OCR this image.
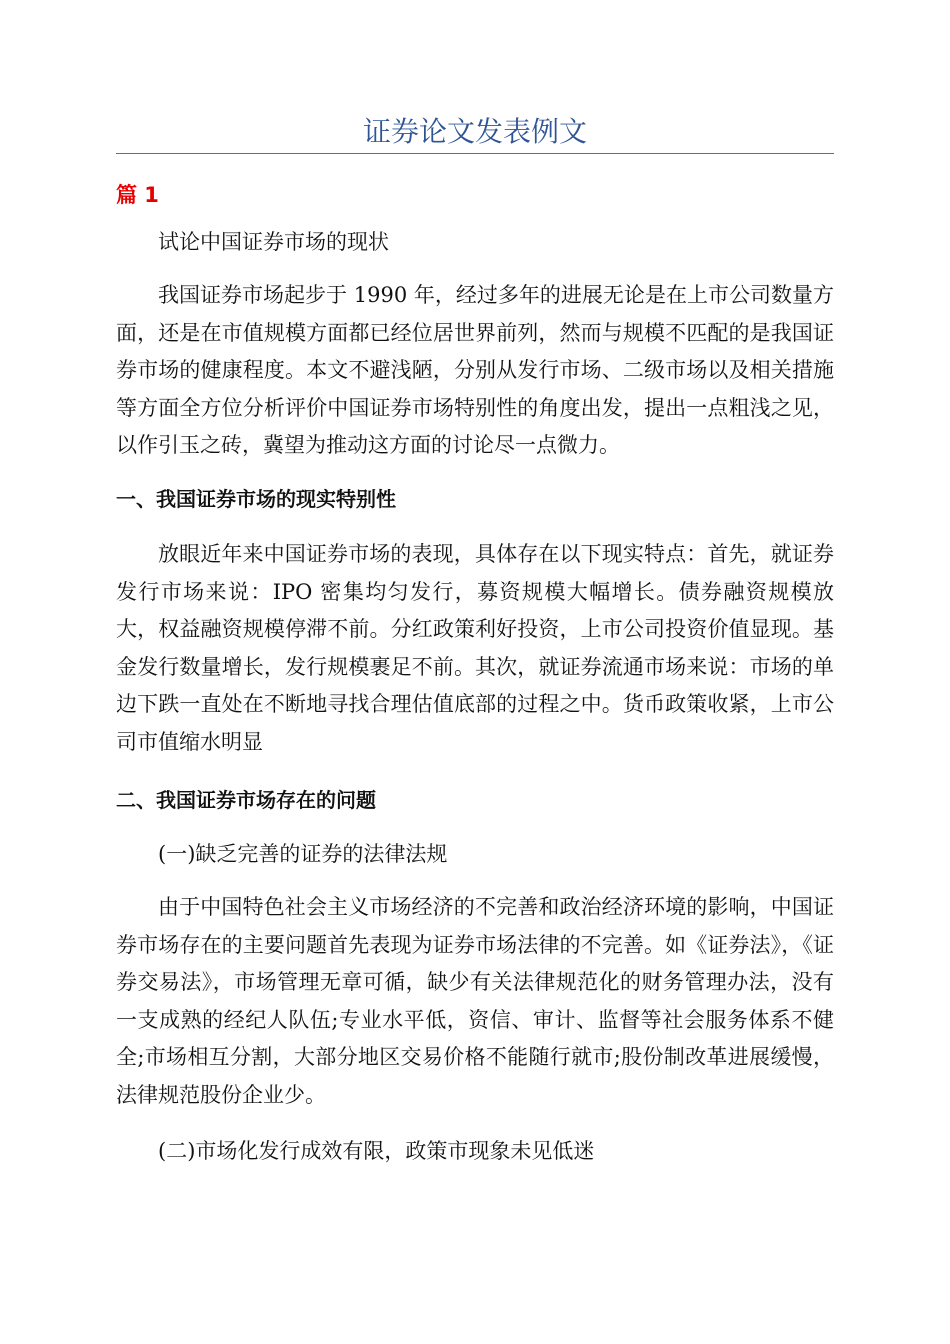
证券论文发表例文
篇 1

试论中国证券市场的现状

我国证券市场起步于 1990 年，经过多年的进展无论是在上市公司数量方面，还是在市值规模方面都已经位居世界前列，然而与规模不匹配的是我国证券市场的健康程度。本文不避浅陋，分别从发行市场、二级市场以及相关措施等方面全方位分析评价中国证券市场特别性的角度出发，提出一点粗浅之见，以作引玉之砖，冀望为推动这方面的讨论尽一点微力。

一、我国证券市场的现实特别性

放眼近年来中国证券市场的表现，具体存在以下现实特点：首先，就证券发行市场来说：IPO 密集均匀发行，募资规模大幅增长。债券融资规模放大，权益融资规模停滞不前。分红政策利好投资，上市公司投资价值显现。基金发行数量增长，发行规模裹足不前。其次，就证券流通市场来说：市场的单边下跌一直处在不断地寻找合理估值底部的过程之中。货币政策收紧，上市公司市值缩水明显

二、我国证券市场存在的问题

(一)缺乏完善的证券的法律法规

由于中国特色社会主义市场经济的不完善和政治经济环境的影响，中国证券市场存在的主要问题首先表现为证券市场法律的不完善。如《证券法》，《证券交易法》，市场管理无章可循，缺少有关法律规范化的财务管理办法，没有一支成熟的经纪人队伍;专业水平低，资信、审计、监督等社会服务体系不健全;市场相互分割，大部分地区交易价格不能随行就市;股份制改革进展缓慢，法律规范股份企业少。

(二)市场化发行成效有限，政策市现象未见低迷
